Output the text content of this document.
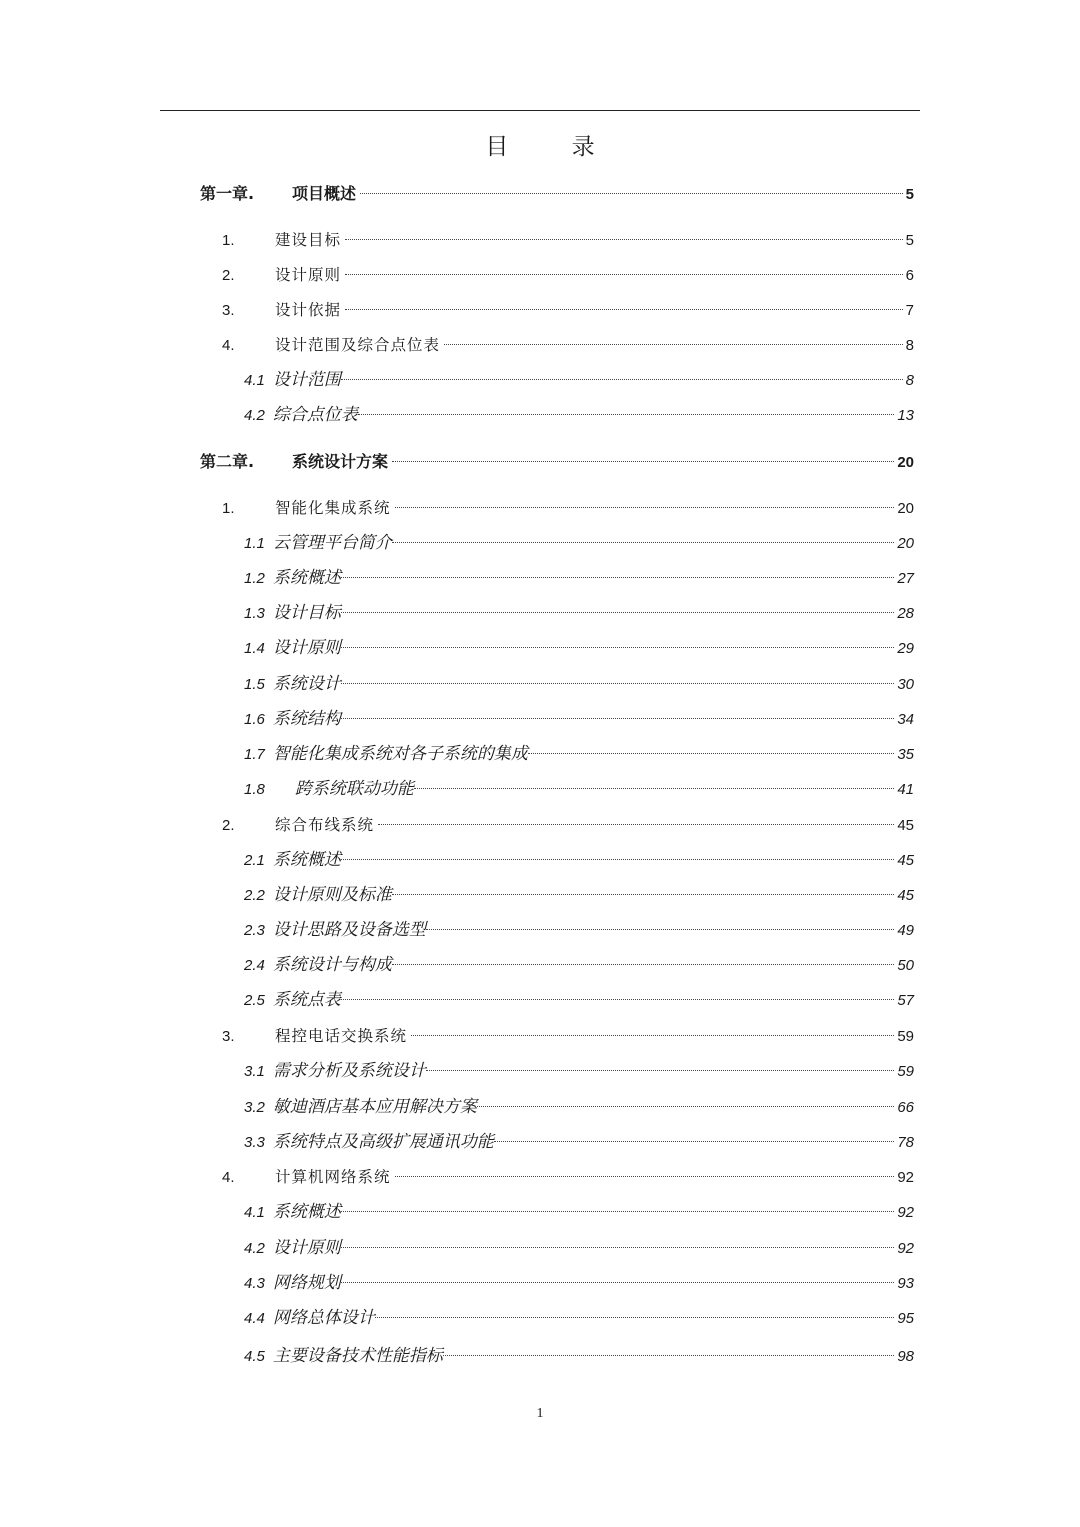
目 录
第一章.	项目概述	5
1.	建设目标	5
2.	设计原则	6
3.	设计依据	7
4.	设计范围及综合点位表	8
4.1 设计范围	8
4.2 综合点位表	13
第二章.	系统设计方案	20
1.	智能化集成系统	20
1.1 云管理平台简介	20
1.2 系统概述	27
1.3 设计目标	28
1.4 设计原则	29
1.5 系统设计	30
1.6 系统结构	34
1.7 智能化集成系统对各子系统的集成	35
1.8 跨系统联动功能	41
2.	综合布线系统	45
2.1 系统概述	45
2.2 设计原则及标准	45
2.3 设计思路及设备选型	49
2.4 系统设计与构成	50
2.5 系统点表	57
3.	程控电话交换系统	59
3.1 需求分析及系统设计	59
3.2 敏迪酒店基本应用解决方案	66
3.3 系统特点及高级扩展通讯功能	78
4.	计算机网络系统	92
4.1 系统概述	92
4.2 设计原则	92
4.3 网络规划	93
4.4 网络总体设计	95
4.5 主要设备技术性能指标	98
1
